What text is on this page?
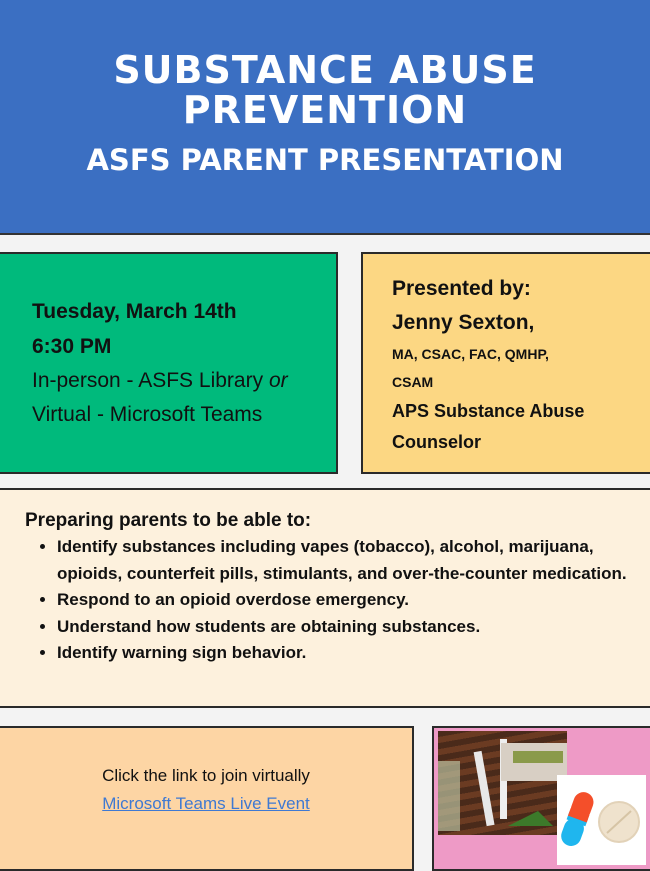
SUBSTANCE ABUSE
PREVENTION
ASFS PARENT PRESENTATION
Tuesday, March 14th
6:30 PM
In-person - ASFS Library or
Virtual - Microsoft Teams
Presented by:
Jenny Sexton,
MA, CSAC, FAC, QMHP,
CSAM
APS Substance Abuse
Counselor
Preparing parents to be able to:
• Identify substances including vapes (tobacco), alcohol, marijuana, opioids, counterfeit pills, stimulants, and over-the-counter medication.
• Respond to an opioid overdose emergency.
• Understand how students are obtaining substances.
• Identify warning sign behavior.
Click the link to join virtually
Microsoft Teams Live Event
